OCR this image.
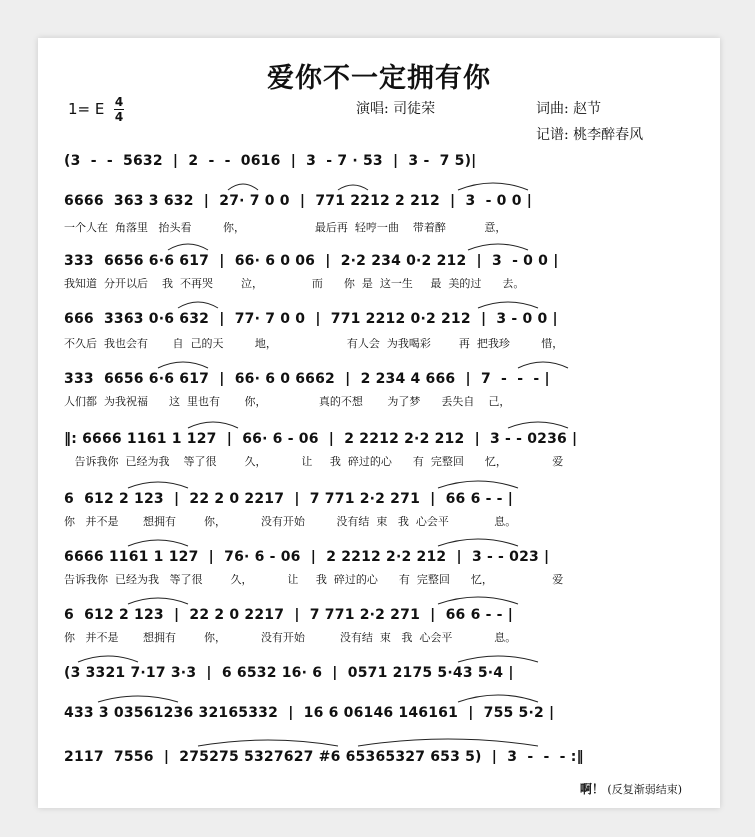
爱你不一定拥有你
1= E 4
4	演唱: 司徒荣	词曲: 赵节
记谱: 桃李醉春风
(3  -  -  5632  |  2  -  -  0616  |  3  - 7 · 53  |  3 -  7 5)|
6666  363 3 632  |  27· 7 0 0  |  771 2212 2 212  |  3  - 0 0 |
一个人在  角落里   抬头看         你，                    最后再  轻哼一曲    带着醉           意，
333  6656 6·6 617  |  66· 6 0 06  |  2·2 234 0·2 212  |  3  - 0 0 |
我知道  分开以后    我  不再哭        泣，              而      你  是  这一生     最  美的过      去。
666  3363 0·6 632  |  77· 7 0 0  |  771 2212 0·2 212  |  3 - 0 0 |
不久后  我也会有       自  己的天         地，                    有人会  为我喝彩        再  把我珍         惜，
333  6656 6·6 617  |  66· 6 0 6662  |  2 234 4 666  |  7  -  -  - |
人们都  为我祝福      这  里也有       你，               真的不想       为了梦      丢失自    己，
‖: 6666 1161 1 127  |  66· 6 - 06  |  2 2212 2·2 212  |  3 - - 0236 |
告诉我你  已经为我    等了很        久，          让     我  碎过的心      有  完整回      忆，             爱
6  612 2 123  |  22 2 0 2217  |  7 771 2·2 271  |  66 6 - - |
你   并不是       想拥有        你，          没有开始         没有结  束   我  心会平             息。
6666 1161 1 127  |  76· 6 - 06  |  2 2212 2·2 212  |  3 - - 023 |
告诉我你  已经为我   等了很        久，          让     我  碎过的心      有  完整回      忆，                 爱
6  612 2 123  |  22 2 0 2217  |  7 771 2·2 271  |  66 6 - - |
你   并不是       想拥有        你，          没有开始          没有结  束   我  心会平            息。
(3 3321 7·17 3·3  |  6 6532 16· 6  |  0571 2175 5·43 5·4 |
433 3 03561236 32165332  |  16 6 06146 146161  |  755 5·2 |
2117  7556  |  275275 5327627 #6 65365327 653 5)  |  3  -  -  - :‖
啊！ (反复渐弱结束)
